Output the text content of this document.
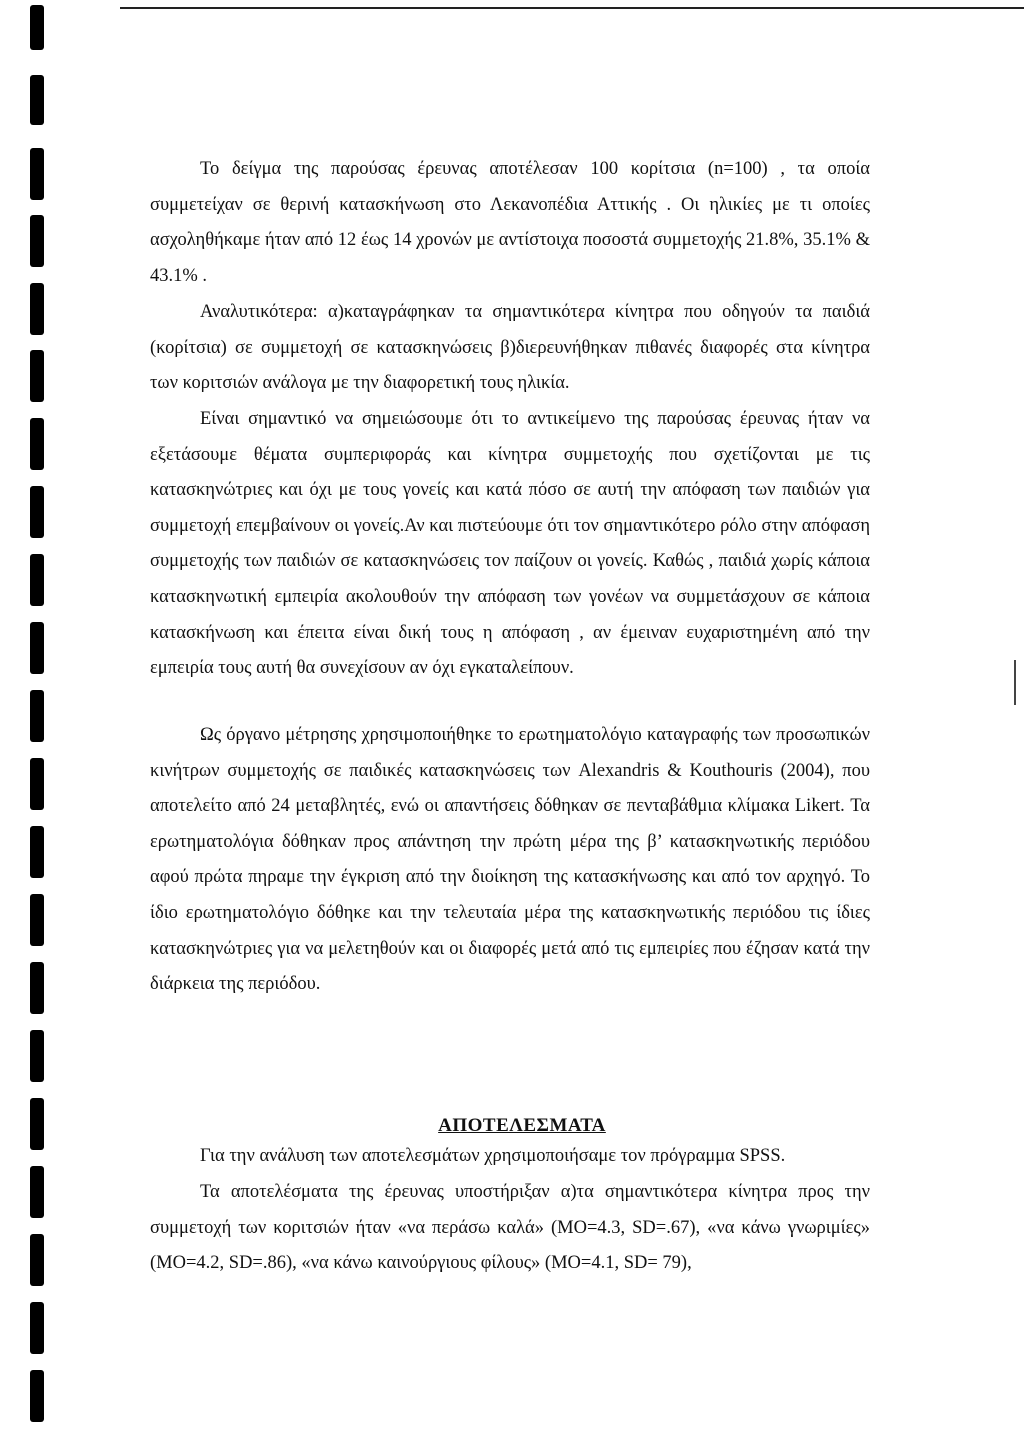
Το δείγμα της παρούσας έρευνας αποτέλεσαν 100 κορίτσια (n=100) , τα οποία συμμετείχαν σε θερινή κατασκήνωση στο Λεκανοπέδια Αττικής . Οι ηλικίες με τι οποίες ασχοληθήκαμε ήταν από 12 έως 14 χρονών με αντίστοιχα ποσοστά συμμετοχής 21.8%, 35.1% & 43.1% .

Αναλυτικότερα: α)καταγράφηκαν τα σημαντικότερα κίνητρα που οδηγούν τα παιδιά (κορίτσια) σε συμμετοχή σε κατασκηνώσεις β)διερευνήθηκαν πιθανές διαφορές στα κίνητρα των κοριτσιών ανάλογα με την διαφορετική τους ηλικία.

Είναι σημαντικό να σημειώσουμε ότι το αντικείμενο της παρούσας έρευνας ήταν να εξετάσουμε θέματα συμπεριφοράς και κίνητρα συμμετοχής που σχετίζονται με τις κατασκηνώτριες και όχι με τους γονείς και κατά πόσο σε αυτή την απόφαση των παιδιών για συμμετοχή επεμβαίνουν οι γονείς.Αν και πιστεύουμε ότι τον σημαντικότερο ρόλο στην απόφαση συμμετοχής των παιδιών σε κατασκηνώσεις τον παίζουν οι γονείς. Καθώς , παιδιά χωρίς κάποια κατασκηνωτική εμπειρία ακολουθούν την απόφαση των γονέων να συμμετάσχουν σε κάποια κατασκήνωση και έπειτα είναι δική τους η απόφαση , αν έμειναν ευχαριστημένη από την εμπειρία τους αυτή θα συνεχίσουν αν όχι εγκαταλείπουν.

Ως όργανο μέτρησης χρησιμοποιήθηκε το ερωτηματολόγιο καταγραφής των προσωπικών κινήτρων συμμετοχής σε παιδικές κατασκηνώσεις των Alexandris & Kouthouris (2004), που αποτελείτο από 24 μεταβλητές, ενώ οι απαντήσεις δόθηκαν σε πενταβάθμια κλίμακα Likert. Τα ερωτηματολόγια δόθηκαν προς απάντηση την πρώτη μέρα της β’ κατασκηνωτικής περιόδου αφού πρώτα πηραμε την έγκριση από την διοίκηση της κατασκήνωσης και από τον αρχηγό. Το ίδιο ερωτηματολόγιο δόθηκε και την τελευταία μέρα της κατασκηνωτικής περιόδου τις ίδιες κατασκηνώτριες για να μελετηθούν και οι διαφορές μετά από τις εμπειρίες που έζησαν κατά την διάρκεια της περιόδου.

ΑΠΟΤΕΛΕΣΜΑΤΑ

Για την ανάλυση των αποτελεσμάτων χρησιμοποιήσαμε τον πρόγραμμα SPSS.

Τα αποτελέσματα της έρευνας υποστήριξαν α)τα σημαντικότερα κίνητρα προς την συμμετοχή των κοριτσιών ήταν «να περάσω καλά» (ΜΟ=4.3, SD=.67), «να κάνω γνωριμίες» (ΜΟ=4.2, SD=.86), «να κάνω καινούργιους φίλους» (ΜΟ=4.1, SD= 79),
